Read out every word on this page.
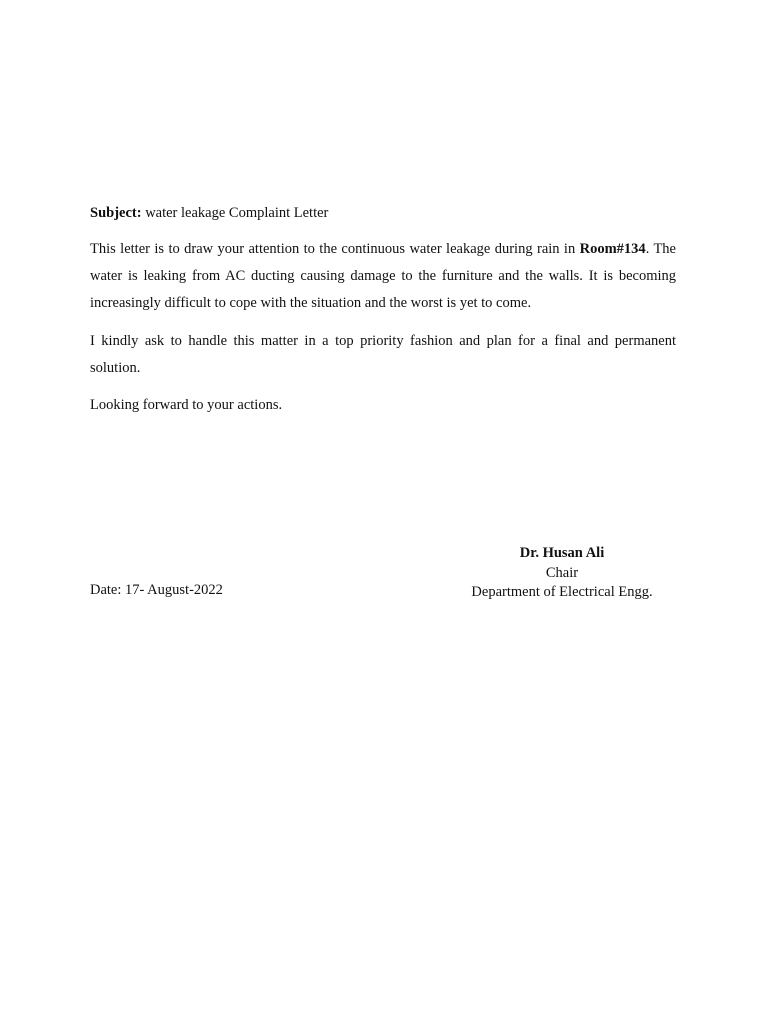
Subject: water leakage Complaint Letter

This letter is to draw your attention to the continuous water leakage during rain in Room#134. The water is leaking from AC ducting causing damage to the furniture and the walls. It is becoming increasingly difficult to cope with the situation and the worst is yet to come.

I kindly ask to handle this matter in a top priority fashion and plan for a final and permanent solution.

Looking forward to your actions.

Dr. Husan Ali
Chair
Department of Electrical Engg.

Date: 17- August-2022
